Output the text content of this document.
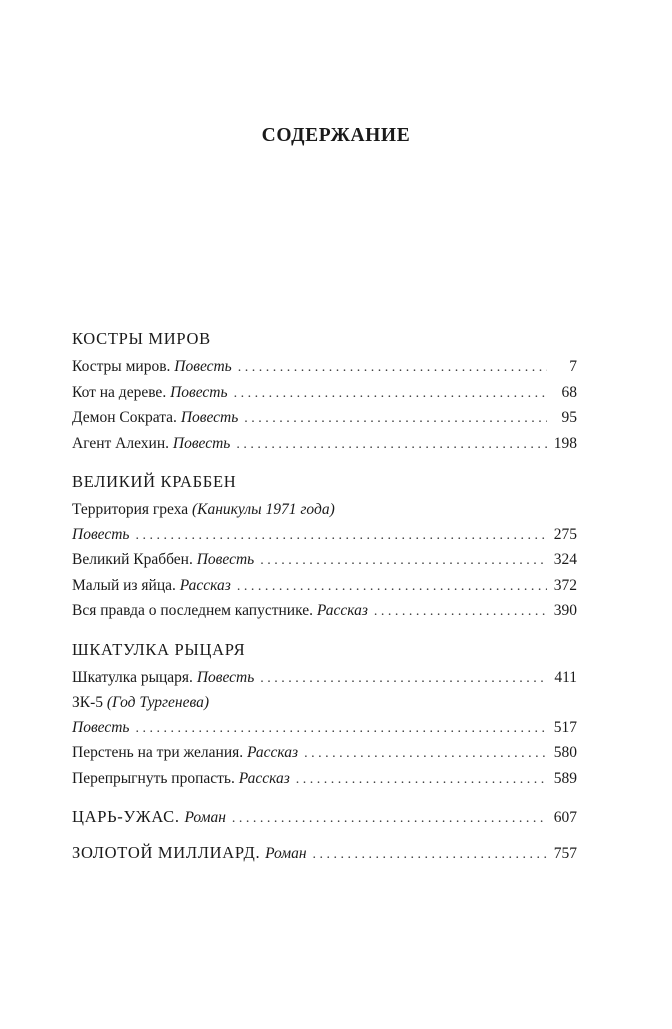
СОДЕРЖАНИЕ
КОСТРЫ МИРОВ
Костры миров. Повесть . . .	7
Кот на дереве. Повесть . . .	68
Демон Сократа. Повесть . . .	95
Агент Алехин. Повесть . . .	198
ВЕЛИКИЙ КРАББЕН
Территория греха (Каникулы 1971 года)
Повесть . . .	275
Великий Краббен. Повесть . . .	324
Малый из яйца. Рассказ . . .	372
Вся правда о последнем капустнике. Рассказ . . .	390
ШКАТУЛКА РЫЦАРЯ
Шкатулка рыцаря. Повесть . . .	411
ЗК-5 (Год Тургенева)
Повесть . . .	517
Перстень на три желания. Рассказ . . .	580
Перепрыгнуть пропасть. Рассказ . . .	589
ЦАРЬ-УЖАС. Роман . . .	607
ЗОЛОТОЙ МИЛЛИАРД. Роман . . .	757
